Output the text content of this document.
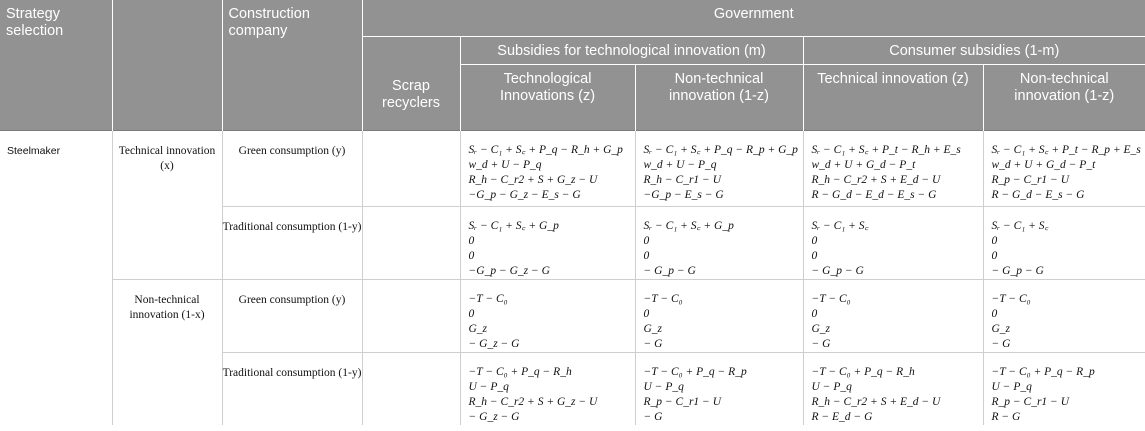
Strategy selection		Construction company	Government				
			Scrap recyclers	Subsidies for technological innovation (m)		Consumer subsidies (1-m)	
				Technological Innovations (z)	Non-technical innovation (1-z)	Technical innovation (z)	Non-technical innovation (1-z)
Steelmaker	Technical innovation (x)	Green consumption (y)		Sᵣ − C₁ + S꜀ + P_q − R_h + G_p
w_d + U − P_q
R_h − C_r2 + S + G_z − U
−G_p − G_z − E_s − G	Sᵣ − C₁ + S꜀ + P_q − R_p + G_p
w_d + U − P_q
R_h − C_r1 − U
−G_p − E_s − G	Sᵣ − C₁ + S꜀ + P_t − R_h + E_s
w_d + U + G_d − P_t
R_h − C_r2 + S + E_d − U
R − G_d − E_d − E_s − G	Sᵣ − C₁ + S꜀ + P_t − R_p + E_s
w_d + U + G_d − P_t
R_p − C_r1 − U
R − G_d − E_s − G

		Traditional consumption (1-y)		Sᵣ − C₁ + S꜀ + G_p
0
0
−G_p − G_z − G	Sᵣ − C₁ + S꜀ + G_p
0
0
− G_p − G	Sᵣ − C₁ + S꜀
0
0
− G_p − G	Sᵣ − C₁ + S꜀
0
0
− G_p − G

	Non-technical innovation (1-x)	Green consumption (y)		−T − C₀
0
G_z
− G_z − G	−T − C₀
0
G_z
− G	−T − C₀
0
G_z
− G	−T − C₀
0
G_z
− G

		Traditional consumption (1-y)		−T − C₀ + P_q − R_h
U − P_q
R_h − C_r2 + S + G_z − U
− G_z − G	−T − C₀ + P_q − R_p
U − P_q
R_p − C_r1 − U
− G	−T − C₀ + P_q − R_h
U − P_q
R_h − C_r2 + S + E_d − U
R − E_d − G	−T − C₀ + P_q − R_p
U − P_q
R_p − C_r1 − U
R − G
